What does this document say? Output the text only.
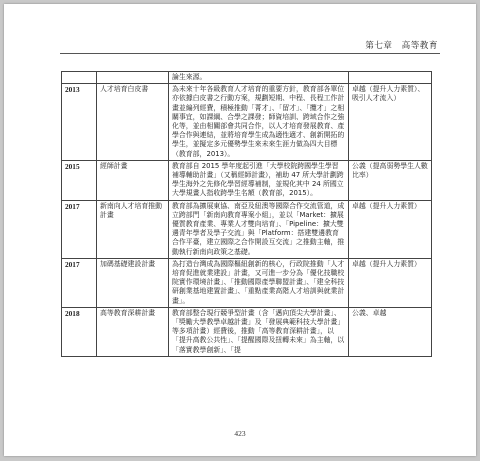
第七章　高等教育
		論生來源。	
2013	人才培育白皮書	為未來十年各級教育人才培育的重要方針，教育部各單位亦依據白皮書之行動方案，規劃短期、中程、長程工作計畫並編列經費，積極推動「菁才」、「留才」、「攬才」之相關事宜，如課綱、合學之課發；師資培訓、跨域合作之強化等，並由相關部會共同合作，以人才培育發展教育、產學合作與連結，並將培育學生成為適性適才、創新開拓的學生，並擬定多元優勢學生來未來生涯力做為四大目標（教育部，2013）。	卓越（提升人力素質）、吸引人才流入）
2015	經師計畫	教育部自 2015 學年度起引進「大學校院跨國學生學習補導輔助計畫」（又稱經師計畫），補助 47 所大學計劃跨學生海外之先修化學習經導補制，並規化其中 24 所國立大學規畫人指收跨學生名額（教育部，2015）。	公義（提高弱勢學生人數比率）
2017	新南向人才培育推動計畫	教育部為擴展東協、南亞及紐澳等國際合作交流管道，成立跨部門「新南向教育專案小組」，並以「Market：擴展優質教育產業、專業人才雙向培育」、「Pipeline：擴大雙邊青年學者及學子交流」與「Platform：搭建雙邊教育合作平臺，建立國際之合作開設互交流」之推動主軸，推動執行新南向政策之基礎。	卓越（提升人力素質）
2017	加碼基礎建設計畫	為打造台灣成為國際樞紐創新的核心，行政院推動「人才培育促進就業建設」計畫，又可進一步分為「優化技職校院實作環境計畫」、「推動國際產學聯盟計畫」、「建全科技研創業基地建置計畫」、「重點產業高階人才培訓與就業計畫」。	卓越（提升人力素質）
2018	高等教育深耕計畫	教育部整合現行競爭型計畫（含「邁向頂尖大學計畫」、「獎勵大學教學卓越計畫」及「發展典範科技大學計畫」等多項計畫）經費後，推動「高等教育深耕計畫」，以「提升高教公共性」、「提醒國際及扭轉未來」為主軸，以「落實教學創新」、「提	公義、卓越
423
